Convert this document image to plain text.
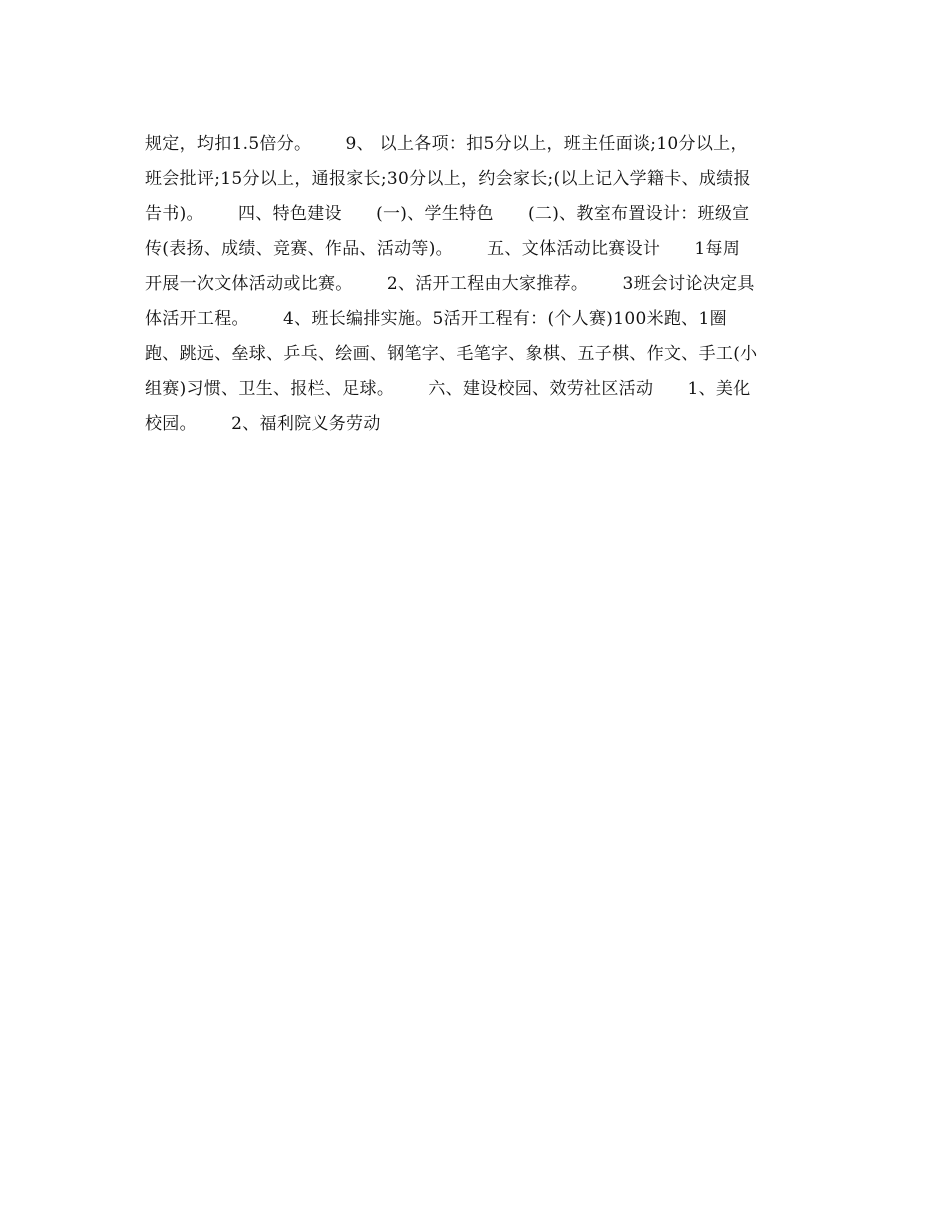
规定，均扣1.5倍分。      9、 以上各项：扣5分以上，班主任面谈;10分以上，
班会批评;15分以上，通报家长;30分以上，约会家长;(以上记入学籍卡、成绩报
告书)。      四、特色建设      (一)、学生特色      (二)、教室布置设计：班级宣
传(表扬、成绩、竞赛、作品、活动等)。      五、文体活动比赛设计      1每周
开展一次文体活动或比赛。      2、活开工程由大家推荐。      3班会讨论决定具
体活开工程。      4、班长编排实施。5活开工程有：(个人赛)100米跑、1圈
跑、跳远、垒球、乒乓、绘画、钢笔字、毛笔字、象棋、五子棋、作文、手工(小
组赛)习惯、卫生、报栏、足球。      六、建设校园、效劳社区活动      1、美化
校园。      2、福利院义务劳动
